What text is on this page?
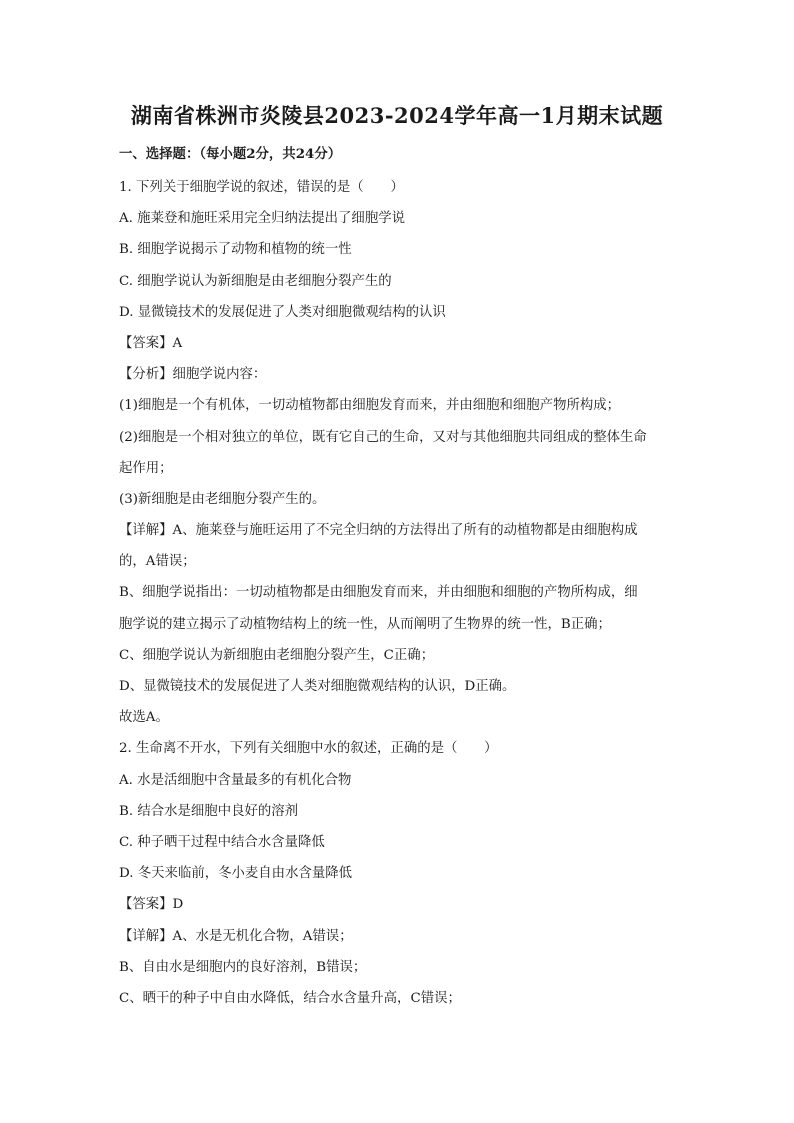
湖南省株洲市炎陵县2023-2024学年高一1月期末试题
一、选择题：（每小题2分，共24分）
1. 下列关于细胞学说的叙述，错误的是（　　）
A. 施莱登和施旺采用完全归纳法提出了细胞学说
B. 细胞学说揭示了动物和植物的统一性
C. 细胞学说认为新细胞是由老细胞分裂产生的
D. 显微镜技术的发展促进了人类对细胞微观结构的认识
【答案】A
【分析】细胞学说内容：
(1)细胞是一个有机体，一切动植物都由细胞发育而来，并由细胞和细胞产物所构成；
(2)细胞是一个相对独立的单位，既有它自己的生命，又对与其他细胞共同组成的整体生命
起作用；
(3)新细胞是由老细胞分裂产生的。
【详解】A、施莱登与施旺运用了不完全归纳的方法得出了所有的动植物都是由细胞构成
的，A错误；
B、细胞学说指出：一切动植物都是由细胞发育而来，并由细胞和细胞的产物所构成，细
胞学说的建立揭示了动植物结构上的统一性，从而阐明了生物界的统一性，B正确；
C、细胞学说认为新细胞由老细胞分裂产生，C正确；
D、显微镜技术的发展促进了人类对细胞微观结构的认识，D正确。
故选A。
2. 生命离不开水，下列有关细胞中水的叙述，正确的是（　　）
A. 水是活细胞中含量最多的有机化合物
B. 结合水是细胞中良好的溶剂
C. 种子晒干过程中结合水含量降低
D. 冬天来临前，冬小麦自由水含量降低
【答案】D
【详解】A、水是无机化合物，A错误；
B、自由水是细胞内的良好溶剂，B错误；
C、晒干的种子中自由水降低，结合水含量升高，C错误；
